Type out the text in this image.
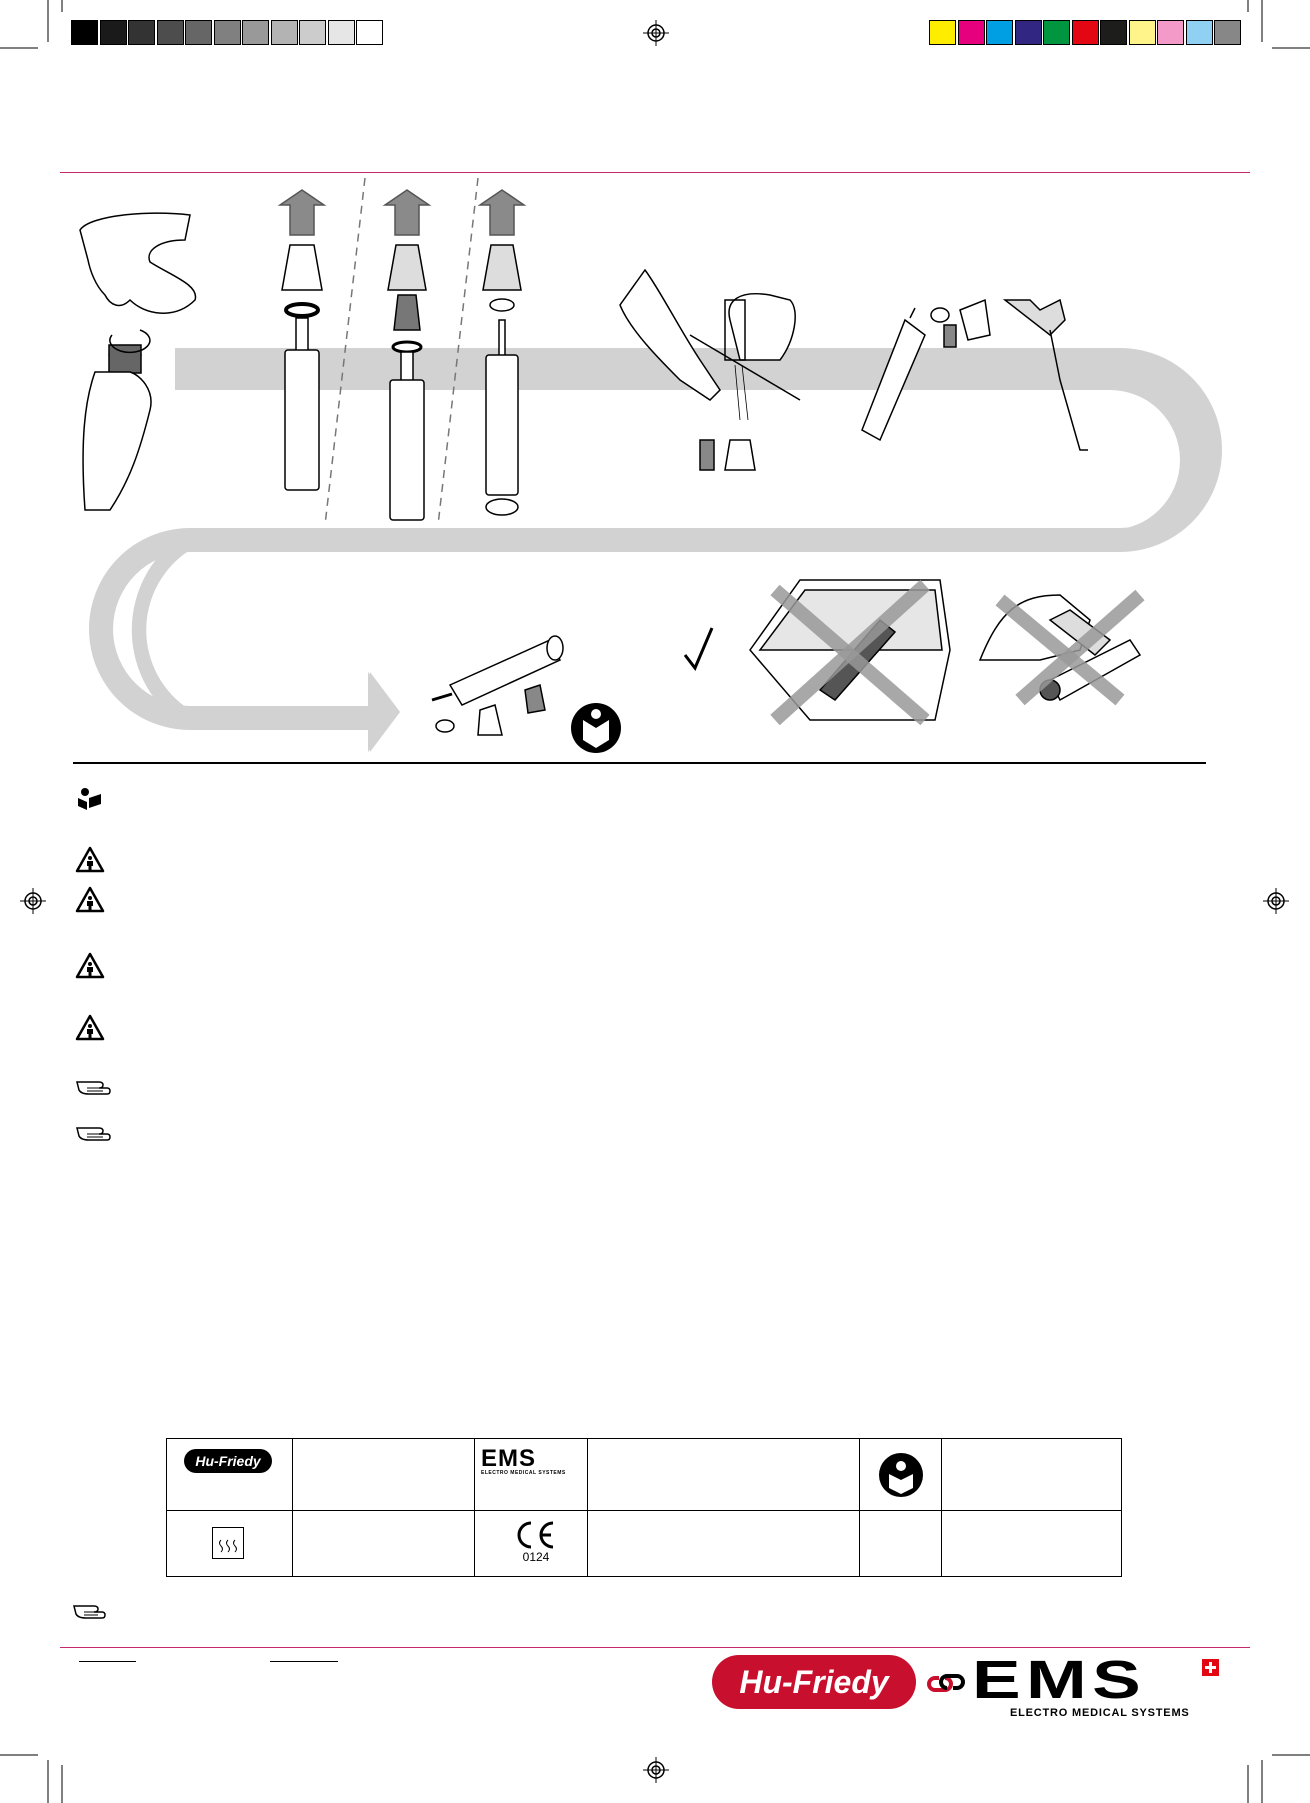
Hu-Friedy	EMS
ELECTRO MEDICAL SYSTEMS
0124
Hu-Friedy EMS
ELECTRO MEDICAL SYSTEMS
